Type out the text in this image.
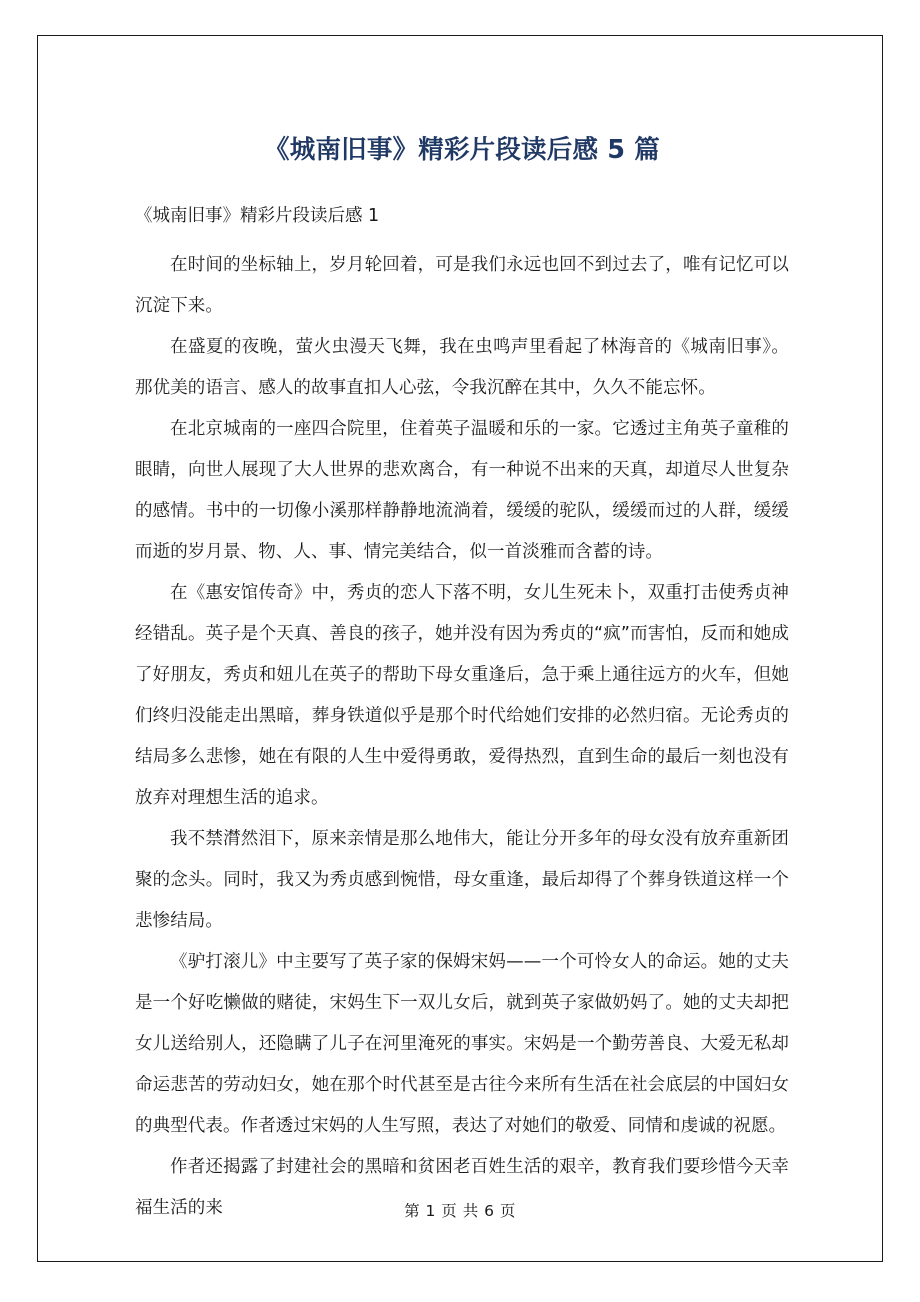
《城南旧事》精彩片段读后感 5 篇
《城南旧事》精彩片段读后感 1

在时间的坐标轴上，岁月轮回着，可是我们永远也回不到过去了，唯有记忆可以沉淀下来。

在盛夏的夜晚，萤火虫漫天飞舞，我在虫鸣声里看起了林海音的《城南旧事》。那优美的语言、感人的故事直扣人心弦，令我沉醉在其中，久久不能忘怀。

在北京城南的一座四合院里，住着英子温暖和乐的一家。它透过主角英子童稚的眼睛，向世人展现了大人世界的悲欢离合，有一种说不出来的天真，却道尽人世复杂的感情。书中的一切像小溪那样静静地流淌着，缓缓的驼队，缓缓而过的人群，缓缓而逝的岁月景、物、人、事、情完美结合，似一首淡雅而含蓄的诗。

在《惠安馆传奇》中，秀贞的恋人下落不明，女儿生死未卜，双重打击使秀贞神经错乱。英子是个天真、善良的孩子，她并没有因为秀贞的“疯”而害怕，反而和她成了好朋友，秀贞和妞儿在英子的帮助下母女重逢后，急于乘上通往远方的火车，但她们终归没能走出黑暗，葬身铁道似乎是那个时代给她们安排的必然归宿。无论秀贞的结局多么悲惨，她在有限的人生中爱得勇敢，爱得热烈，直到生命的最后一刻也没有放弃对理想生活的追求。

我不禁潸然泪下，原来亲情是那么地伟大，能让分开多年的母女没有放弃重新团聚的念头。同时，我又为秀贞感到惋惜，母女重逢，最后却得了个葬身铁道这样一个悲惨结局。

《驴打滚儿》中主要写了英子家的保姆宋妈——一个可怜女人的命运。她的丈夫是一个好吃懒做的赌徒，宋妈生下一双儿女后，就到英子家做奶妈了。她的丈夫却把女儿送给别人，还隐瞒了儿子在河里淹死的事实。宋妈是一个勤劳善良、大爱无私却命运悲苦的劳动妇女，她在那个时代甚至是古往今来所有生活在社会底层的中国妇女的典型代表。作者透过宋妈的人生写照，表达了对她们的敬爱、同情和虔诚的祝愿。

作者还揭露了封建社会的黑暗和贫困老百姓生活的艰辛，教育我们要珍惜今天幸福生活的来	第 1 页 共 6 页
